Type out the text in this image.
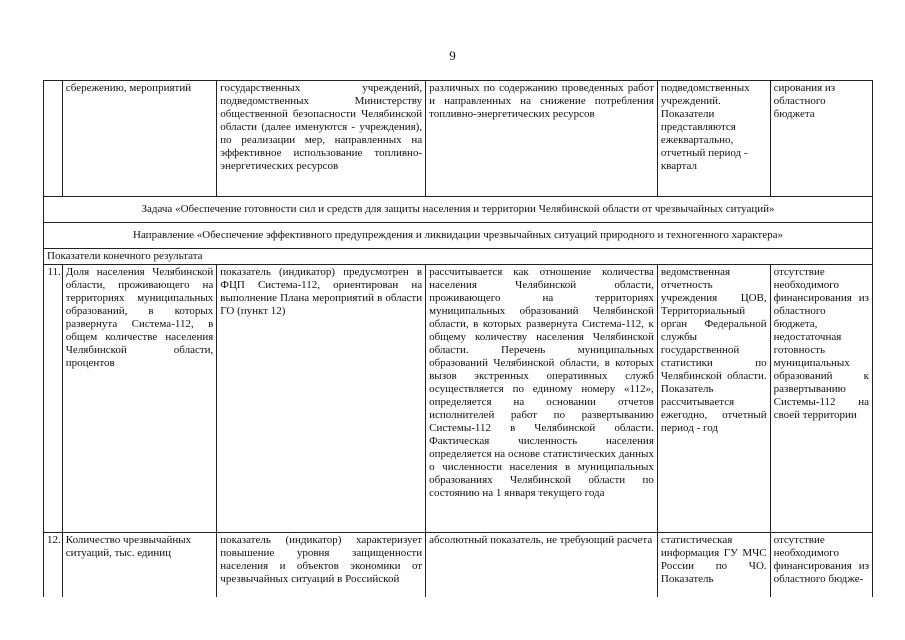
9
	сбережению, мероприятий	государственных учреждений, подведомственных Министерству общественной безопасности Челябинской области (далее именуются - учреждения), по реализации мер, направленных на эффективное использование топливно-энергетических ресурсов	различных по содержанию проведенных работ и направленных на снижение потребления топливно-энергетических ресурсов	подведомственных учреждений. Показатели представляются ежеквартально, отчетный период - квартал	сирования из областного бюджета
Задача «Обеспечение готовности сил и средств для защиты населения и территории Челябинской области от чрезвычайных ситуаций»					
Направление «Обеспечение эффективного предупреждения и ликвидации чрезвычайных ситуаций природного и техногенного характера»					
Показатели конечного результата					
11.	Доля населения Челябинской области, проживающего на территориях муниципальных образований, в которых развернута Система-112, в общем количестве населения Челябинской области, процентов	показатель (индикатор) предусмотрен в ФЦП Система-112, ориентирован на выполнение Плана мероприятий в области ГО (пункт 12)	рассчитывается как отношение количества населения Челябинской области, проживающего на территориях муниципальных образований Челябинской области, в которых развернута Система-112, к общему количеству населения Челябинской области. Перечень муниципальных образований Челябинской области, в которых вызов экстренных оперативных служб осуществляется по единому номеру «112», определяется на основании отчетов исполнителей работ по развертыванию Системы-112 в Челябинской области. Фактическая численность населения определяется на основе статистических данных о численности населения в муниципальных образованиях Челябинской области по состоянию на 1 января текущего года	ведомственная отчетность учреждения ЦОВ, Территориальный орган Федеральной службы государственной статистики по Челябинской области. Показатель рассчитывается ежегодно, отчетный период - год	отсутствие необходимого финансирования из областного бюджета, недостаточная готовность муниципальных образований к развертыванию Системы-112 на своей территории
12.	Количество чрезвычайных ситуаций, тыс. единиц	показатель (индикатор) характеризует повышение уровня защищенности населения и объектов экономики от чрезвычайных ситуаций в Российской	абсолютный показатель, не требующий расчета	статистическая информация ГУ МЧС России по ЧО. Показатель	отсутствие необходимого финансирования из областного бюдже-
